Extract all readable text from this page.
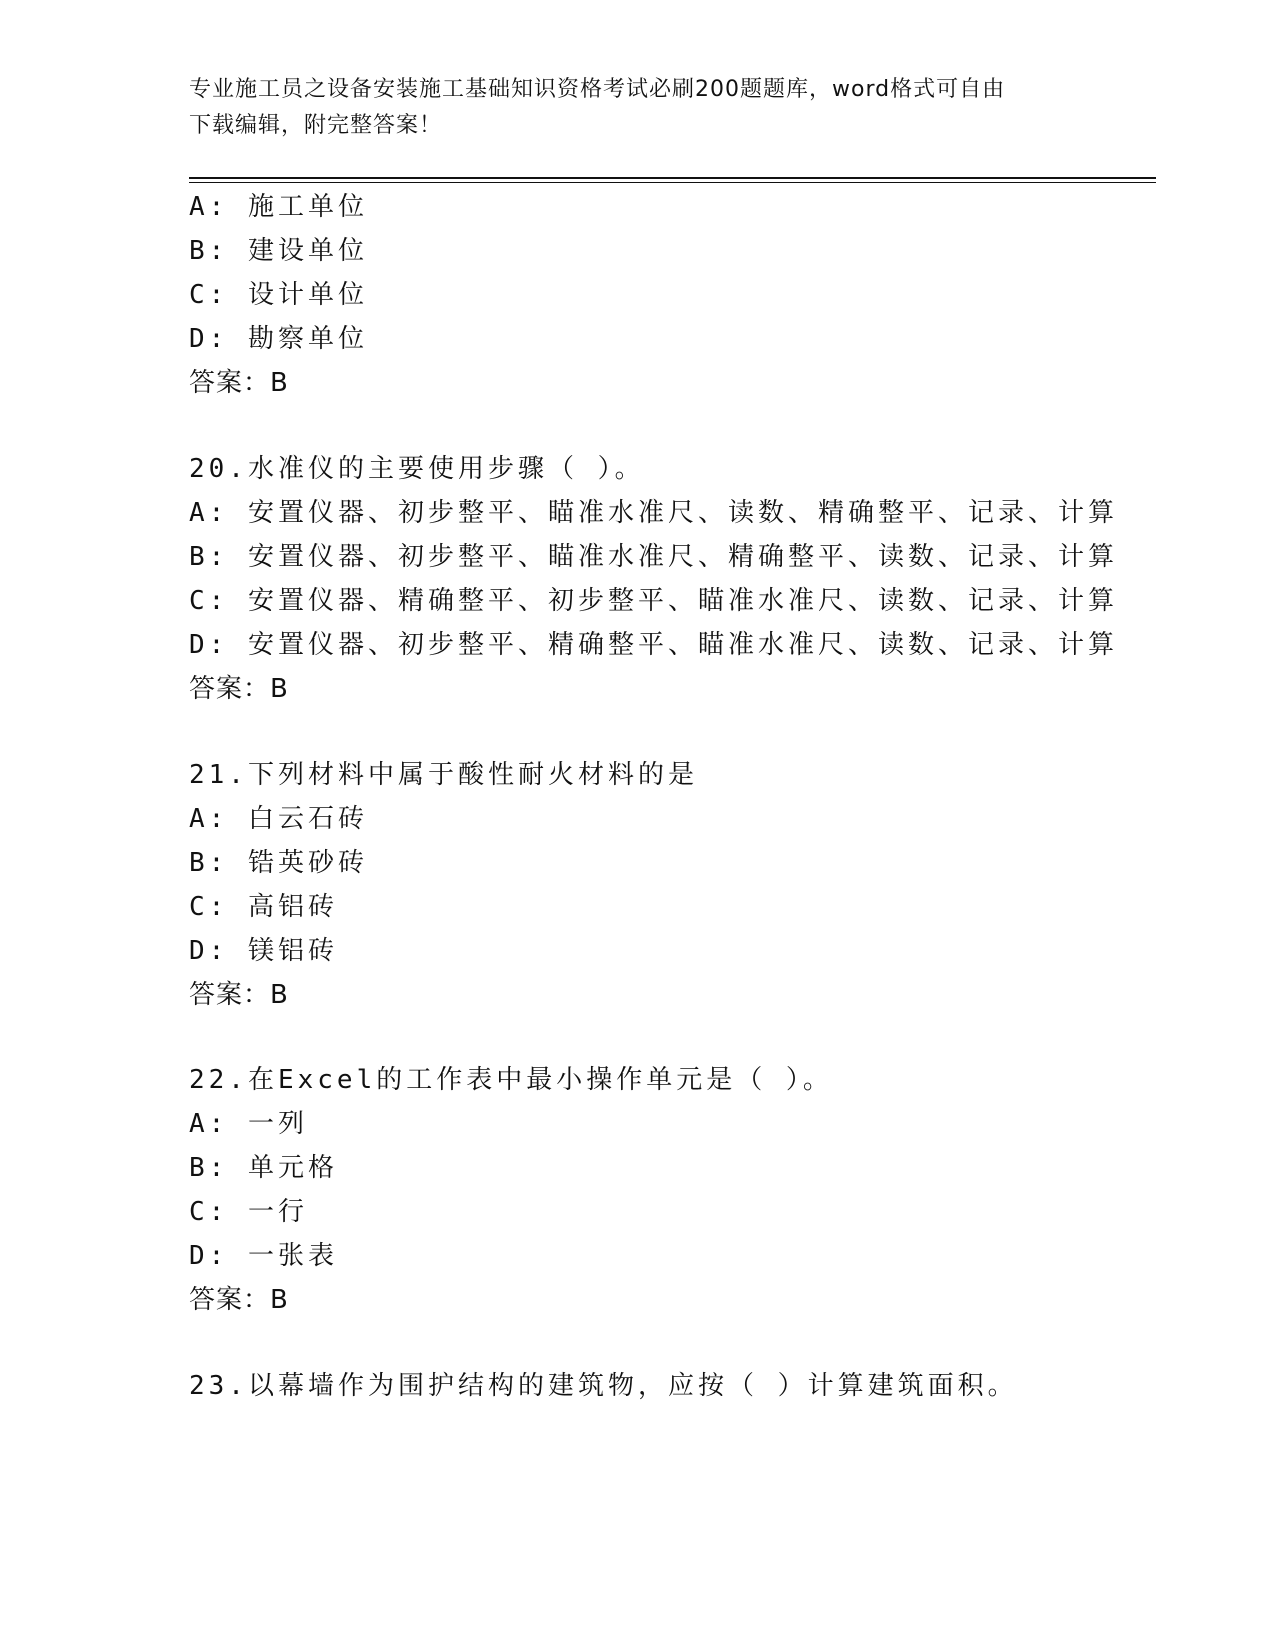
专业施工员之设备安装施工基础知识资格考试必刷200题题库，word格式可自由
下载编辑，附完整答案！
A: 施工单位
B: 建设单位
C: 设计单位
D: 勘察单位
答案：B
20.水准仪的主要使用步骤（ ）。
A: 安置仪器、初步整平、瞄准水准尺、读数、精确整平、记录、计算
B: 安置仪器、初步整平、瞄准水准尺、精确整平、读数、记录、计算
C: 安置仪器、精确整平、初步整平、瞄准水准尺、读数、记录、计算
D: 安置仪器、初步整平、精确整平、瞄准水准尺、读数、记录、计算
答案：B
21.下列材料中属于酸性耐火材料的是
A: 白云石砖
B: 锆英砂砖
C: 高铝砖
D: 镁铝砖
答案：B
22.在Excel的工作表中最小操作单元是（ ）。
A: 一列
B: 单元格
C: 一行
D: 一张表
答案：B
23.以幕墙作为围护结构的建筑物，应按（ ）计算建筑面积。
